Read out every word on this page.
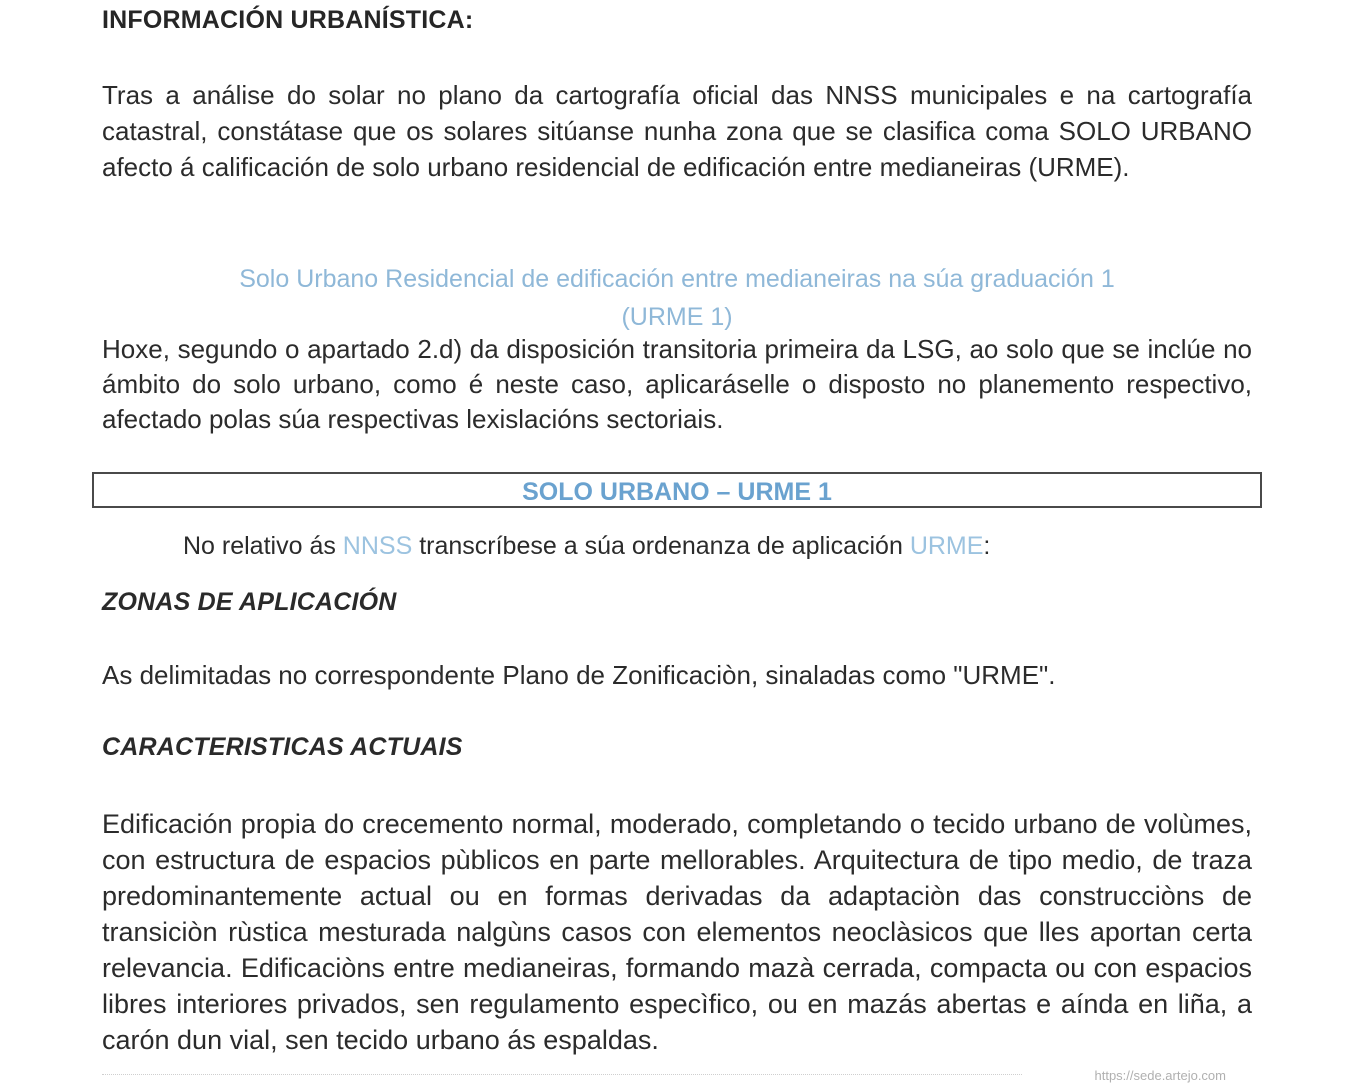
INFORMACIÓN URBANÍSTICA:
Tras a análise do solar no plano da cartografía oficial das NNSS municipales e na cartografía catastral, constátase que os solares sitúanse nunha zona que se clasifica coma SOLO URBANO afecto á calificación de solo urbano residencial de edificación entre medianeiras (URME).
Solo Urbano Residencial de edificación entre medianeiras na súa graduación 1
(URME 1)
Hoxe, segundo o apartado 2.d) da disposición transitoria primeira da LSG, ao solo que se inclúe no ámbito do solo urbano, como é neste caso, aplicaráselle o disposto no planemento respectivo, afectado polas súa respectivas lexislacións sectoriais.
SOLO URBANO – URME 1
No relativo ás NNSS transcríbese a súa ordenanza de aplicación URME:
ZONAS DE APLICACIÓN
As delimitadas no correspondente Plano de Zonificaciòn, sinaladas como "URME".
CARACTERISTICAS ACTUAIS
Edificación propia do crecemento normal, moderado, completando o tecido urbano de volùmes, con estructura de espacios pùblicos en parte mellorables. Arquitectura de tipo medio, de traza predominantemente actual ou en formas derivadas da adaptaciòn das construcciòns de transiciòn rùstica mesturada nalgùns casos con elementos neoclàsicos que lles aportan certa relevancia. Edificaciòns entre medianeiras, formando mazà cerrada, compacta ou con espacios libres interiores privados, sen regulamento especìfico, ou en mazás abertas e aínda en liña, a carón dun vial, sen tecido urbano ás espaldas.
https://sede.artejo.com
